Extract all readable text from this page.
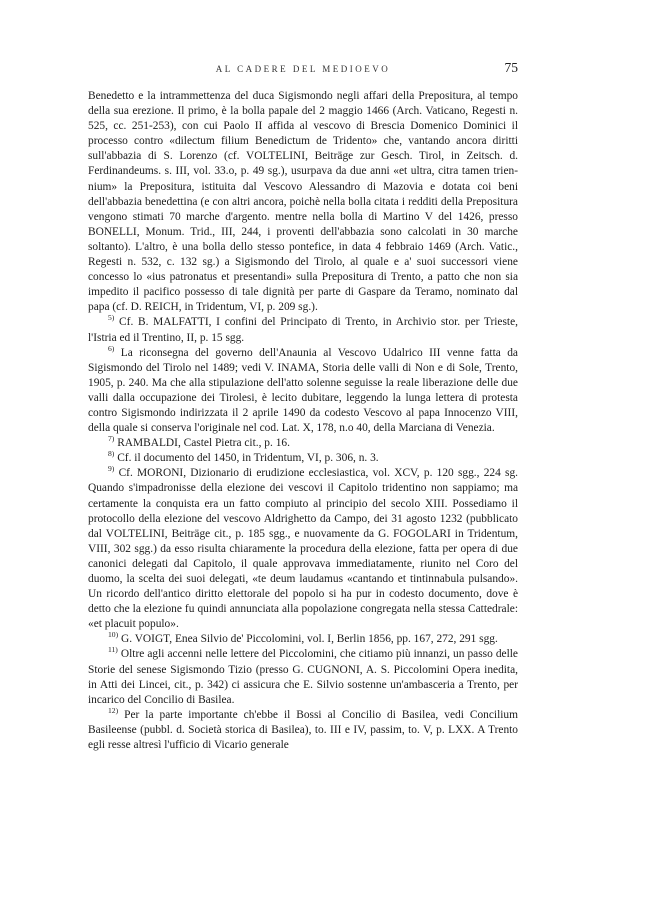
AL CADERE DEL MEDIOEVO	75

Benedetto e la intrammettenza del duca Sigismondo negli affari della Prepositura, al tempo della sua erezione. Il primo, è la bolla papale del 2 maggio 1466 (Arch. Vaticano, Regesti n. 525, cc. 251-253), con cui Paolo II affida al vescovo di Brescia Domenico Dominici il processo contro «dilectum filium Benedictum de Tridento» che, vantando ancora diritti sull'abbazia di S. Lorenzo (cf. VOLTELINI, Beiträge zur Gesch. Tirol, in Zeitsch. d. Ferdinandeums. s. III, vol. 33.o, p. 49 sg.), usurpava da due anni «et ultra, citra tamen trien-nium» la Prepositura, istituita dal Vescovo Alessandro di Mazovia e dotata coi beni dell'abbazia benedettina (e con altri ancora, poichè nella bolla citata i redditi della Prepositura vengono stimati 70 marche d'argento. mentre nella bolla di Martino V del 1426, presso BONELLI, Monum. Trid., III, 244, i proventi dell'abbazia sono calcolati in 30 marche soltanto). L'altro, è una bolla dello stesso pontefice, in data 4 febbraio 1469 (Arch. Vatic., Regesti n. 532, c. 132 sg.) a Sigismondo del Tirolo, al quale e a' suoi successori viene concesso lo «ius patronatus et presentandi» sulla Prepositura di Trento, a patto che non sia impedito il pacifico possesso di tale dignità per parte di Gaspare da Teramo, nominato dal papa (cf. D. REICH, in Tridentum, VI, p. 209 sg.).

$^{5)}$ Cf. B. MALFATTI, I confini del Principato di Trento, in Archivio stor. per Trieste, l'Istria ed il Trentino, II, p. 15 sgg.

$^{6)}$ La riconsegna del governo dell'Anaunia al Vescovo Udalrico III venne fatta da Sigismondo del Tirolo nel 1489; vedi V. INAMA, Storia delle valli di Non e di Sole, Trento, 1905, p. 240. Ma che alla stipulazione dell'atto solenne seguisse la reale liberazione delle due valli dalla occupazione dei Tirolesi, è lecito dubitare, leggendo la lunga lettera di protesta contro Sigismondo indirizzata il 2 aprile 1490 da codesto Vescovo al papa Innocenzo VIII, della quale si conserva l'originale nel cod. Lat. X, 178, n.o 40, della Marciana di Venezia.

$^{7)}$ RAMBALDI, Castel Pietra cit., p. 16.

$^{8)}$ Cf. il documento del 1450, in Tridentum, VI, p. 306, n. 3.

$^{9)}$ Cf. MORONI, Dizionario di erudizione ecclesiastica, vol. XCV, p. 120 sgg., 224 sg. Quando s'impadronisse della elezione dei vescovi il Capitolo tridentino non sappiamo; ma certamente la conquista era un fatto compiuto al principio del secolo XIII. Possediamo il protocollo della elezione del vescovo Aldrighetto da Campo, dei 31 agosto 1232 (pubblicato dal VOLTELINI, Beiträge cit., p. 185 sgg., e nuovamente da G. FOGOLARI in Tridentum, VIII, 302 sgg.) da esso risulta chiaramente la procedura della elezione, fatta per opera di due canonici delegati dal Capitolo, il quale approvava immediatamente, riunito nel Coro del duomo, la scelta dei suoi delegati, «te deum laudamus «cantando et tintinnabula pulsando». Un ricordo dell'antico diritto elettorale del popolo si ha pur in codesto documento, dove è detto che la elezione fu quindi annunciata alla popolazione congregata nella stessa Cattedrale: «et placuit populo».

$^{10)}$ G. VOIGT, Enea Silvio de' Piccolomini, vol. I, Berlin 1856, pp. 167, 272, 291 sgg.

$^{11)}$ Oltre agli accenni nelle lettere del Piccolomini, che citiamo più innanzi, un passo delle Storie del senese Sigismondo Tizio (presso G. CUGNONI, A. S. Piccolomini Opera inedita, in Atti dei Lincei, cit., p. 342) ci assicura che E. Silvio sostenne un'ambasceria a Trento, per incarico del Concilio di Basilea.

$^{12)}$ Per la parte importante ch'ebbe il Bossi al Concilio di Basilea, vedi Concilium Basileense (pubbl. d. Società storica di Basilea), to. III e IV, passim, to. V, p. LXX. A Trento egli resse altresì l'ufficio di Vicario generale
